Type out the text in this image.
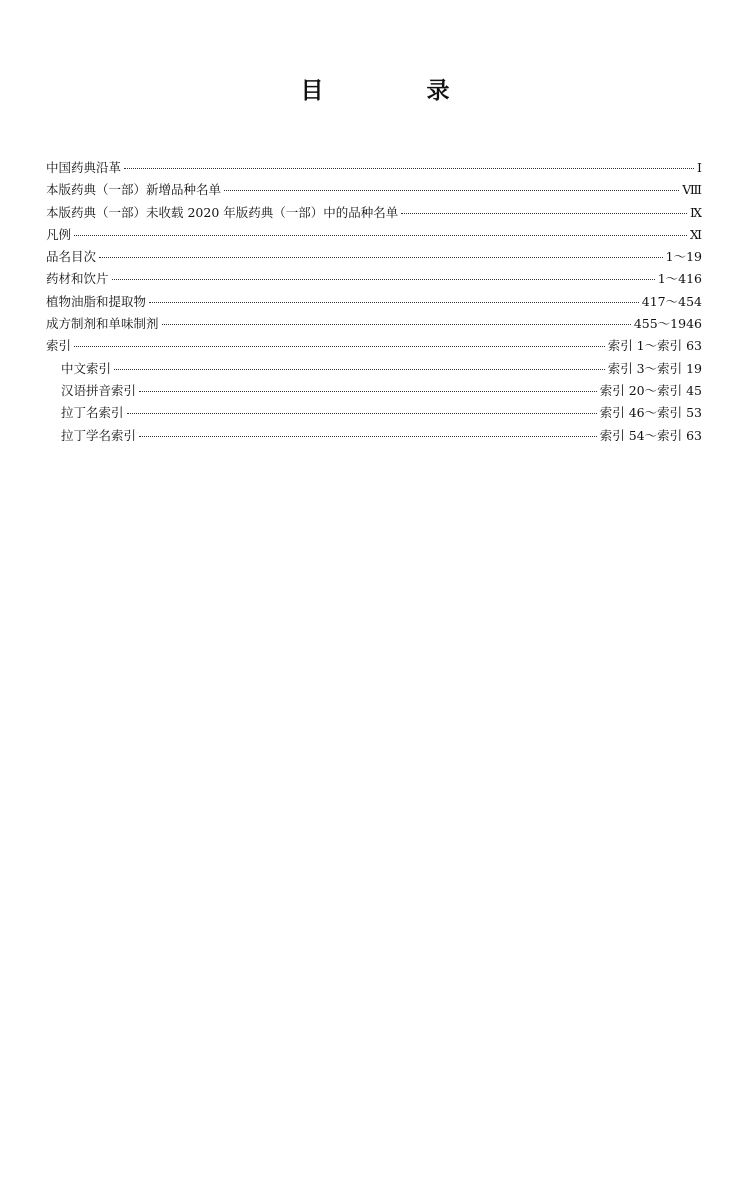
目　录
中国药典沿革	Ⅰ
本版药典（一部）新增品种名单	Ⅷ
本版药典（一部）未收载 2020 年版药典（一部）中的品种名单	Ⅸ
凡例	Ⅺ
品名目次	1～19
药材和饮片	1～416
植物油脂和提取物	417～454
成方制剂和单味制剂	455～1946
索引	索引 1～索引 63
中文索引	索引 3～索引 19
汉语拼音索引	索引 20～索引 45
拉丁名索引	索引 46～索引 53
拉丁学名索引	索引 54～索引 63
